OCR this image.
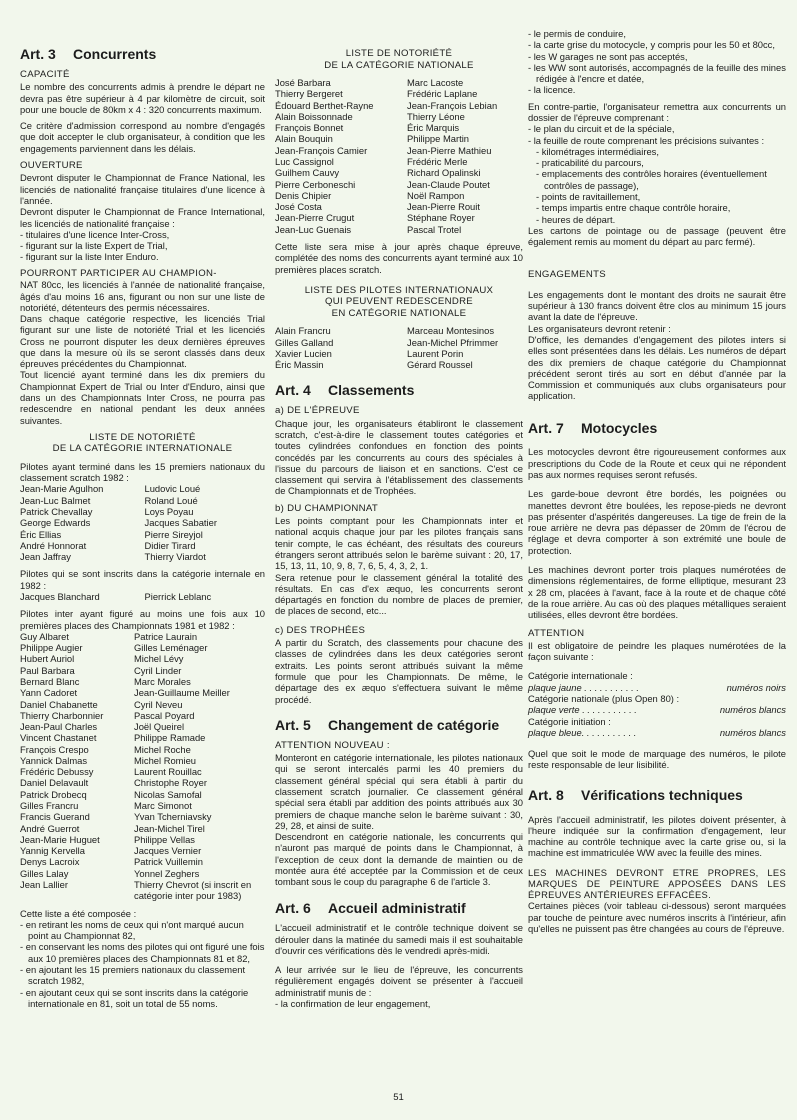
Art. 3	Concurrents
CAPACITÉ

Le nombre des concurrents admis à prendre le départ ne devra pas être supérieur à 4 par kilomètre de circuit, soit pour une boucle de 80km x 4 : 320 concurrents maximum.

Ce critère d'admission correspond au nombre d'engagés que doit accepter le club organisateur, à condition que les engagements parviennent dans les délais.

OUVERTURE

Devront disputer le Championnat de France National, les licenciés de nationalité française titulaires d'une licence à l'année.

Devront disputer le Championnat de France International, les licenciés de nationalité française :

- titulaires d'une licence Inter-Cross,
- figurant sur la liste Expert de Trial,
- figurant sur la liste Inter Enduro.
POURRONT PARTICIPER AU CHAMPION-

NAT 80cc, les licenciés à l'année de nationalité française, âgés d'au moins 16 ans, figurant ou non sur une liste de notoriété, détenteurs des permis nécessaires.

Dans chaque catégorie respective, les licenciés Trial figurant sur une liste de notoriété Trial et les licenciés Cross ne pourront disputer les deux dernières épreuves que dans la mesure où ils se seront classés dans deux épreuves précédentes du Championnat.

Tout licencié ayant terminé dans les dix premiers du Championnat Expert de Trial ou Inter d'Enduro, ainsi que dans un des Championnats Inter Cross, ne pourra pas redescendre en national pendant les deux années suivantes.

LISTE DE NOTORIÉTÉ
DE LA CATÉGORIE INTERNATIONALE

Pilotes ayant terminé dans les 15 premiers nationaux du classement scratch 1982 :

Jean-Marie Agulhon	Ludovic Loué
Jean-Luc Balmet	Roland Loué
Patrick Chevallay	Loys Poyau
George Edwards	Jacques Sabatier
Éric Ellias	Pierre Sireyjol
André Honnorat	Didier Tirard
Jean Jaffray	Thierry Viardot

Pilotes qui se sont inscrits dans la catégorie internale en 1982 :

Jacques Blanchard	Pierrick Leblanc

Pilotes inter ayant figuré au moins une fois aux 10 premières places des Championnats 1981 et 1982 :

Guy Albaret	Patrice Laurain
Philippe Augier	Gilles Leménager
Hubert Auriol	Michel Lévy
Paul Barbara	Cyril Linder
Bernard Blanc	Marc Morales
Yann Cadoret	Jean-Guillaume Meiller
Daniel Chabanette	Cyril Neveu
Thierry Charbonnier	Pascal Poyard
Jean-Paul Charles	Joël Queirel
Vincent Chastanet	Philippe Ramade
François Crespo	Michel Roche
Yannick Dalmas	Michel Romieu
Frédéric Debussy	Laurent Rouillac
Daniel Delavault	Christophe Royer
Patrick Drobecq	Nicolas Samofal
Gilles Francru	Marc Simonot
Francis Guerand	Yvan Tcherniavsky
André Guerrot	Jean-Michel Tirel
Jean-Marie Huguet	Philippe Vellas
Yannig Kervella	Jacques Vernier
Denys Lacroix	Patrick Vuillemin
Gilles Lalay	Yonnel Zeghers
Jean Lallier	Thierry Chevrot (si inscrit en catégorie inter pour 1983)
Cette liste a été composée :
- en retirant les noms de ceux qui n'ont marqué aucun point au Championnat 82,
- en conservant les noms des pilotes qui ont figuré une fois aux 10 premières places des Championnats 81 et 82,
- en ajoutant les 15 premiers nationaux du classement scratch 1982,
- en ajoutant ceux qui se sont inscrits dans la catégorie internationale en 81, soit un total de 55 noms.
LISTE DE NOTORIÉTÉ
DE LA CATÉGORIE NATIONALE
José Barbara	Marc Lacoste
Thierry Bergeret	Frédéric Laplane
Édouard Berthet-Rayne	Jean-François Lebian
Alain Boissonnade	Thierry Léone
François Bonnet	Éric Marquis
Alain Bouquin	Philippe Martin
Jean-François Camier	Jean-Pierre Mathieu
Luc Cassignol	Frédéric Merle
Guilhem Cauvy	Richard Opalinski
Pierre Cerboneschi	Jean-Claude Poutet
Denis Chipier	Noël Rampon
José Costa	Jean-Pierre Rouit
Jean-Pierre Crugut	Stéphane Royer
Jean-Luc Guenais	Pascal Trotel

Cette liste sera mise à jour après chaque épreuve, complétée des noms des concurrents ayant terminé aux 10 premières places scratch.

LISTE DES PILOTES INTERNATIONAUX
QUI PEUVENT REDESCENDRE
EN CATÉGORIE NATIONALE
Alain Francru	Marceau Montesinos
Gilles Galland	Jean-Michel Pfrimmer
Xavier Lucien	Laurent Porin
Éric Massin	Gérard Roussel
Art. 4	Classements
a) DE L'ÉPREUVE

Chaque jour, les organisateurs établiront le classement scratch, c'est-à-dire le classement toutes catégories et toutes cylindrées confondues en fonction des points concédés par les concurrents au cours des spéciales à l'issue du parcours de liaison et en sanctions. C'est ce classement qui servira à l'établissement des classements de Championnats et de Trophées.

b) DU CHAMPIONNAT

Les points comptant pour les Championnats inter et national acquis chaque jour par les pilotes français sans tenir compte, le cas échéant, des résultats des coureurs étrangers seront attribués selon le barème suivant : 20, 17, 15, 13, 11, 10, 9, 8, 7, 6, 5, 4, 3, 2, 1.

Sera retenue pour le classement général la totalité des résultats. En cas d'ex æquo, les concurrents seront départagés en fonction du nombre de places de premier, de places de second, etc...

c) DES TROPHÉES

A partir du Scratch, des classements pour chacune des classes de cylindrées dans les deux catégories seront extraits. Les points seront attribués suivant la même formule que pour les Championnats. De même, le départage des ex æquo s'effectuera suivant le même procédé.

Art. 5	Changement de catégorie
ATTENTION NOUVEAU :

Monteront en catégorie internationale, les pilotes nationaux qui se seront intercalés parmi les 40 premiers du classement général spécial qui sera établi à partir du classement scratch journalier. Ce classement général spécial sera établi par addition des points attribués aux 30 premiers de chaque manche selon le barème suivant : 30, 29, 28, et ainsi de suite.

Descendront en catégorie nationale, les concurrents qui n'auront pas marqué de points dans le Championnat, à l'exception de ceux dont la demande de maintien ou de montée aura été acceptée par la Commission et de ceux tombant sous le coup du paragraphe 6 de l'article 3.

Art. 6	Accueil administratif

L'accueil administratif et le contrôle technique doivent se dérouler dans la matinée du samedi mais il est souhaitable d'ouvrir ces vérifications dès le vendredi après-midi.

A leur arrivée sur le lieu de l'épreuve, les concurrents régulièrement engagés doivent se présenter à l'accueil administratif munis de :

- la confirmation de leur engagement,
- le permis de conduire,
- la carte grise du motocycle, y compris pour les 50 et 80cc,
- les W garages ne sont pas acceptés,
- les WW sont autorisés, accompagnés de la feuille des mines rédigée à l'encre et datée,
- la licence.

En contre-partie, l'organisateur remettra aux concurrents un dossier de l'épreuve comprenant :

- le plan du circuit et de la spéciale,
- la feuille de route comprenant les précisions suivantes :
- kilométrages intermédiaires,
- praticabilité du parcours,
- emplacements des contrôles horaires (éventuellement contrôles de passage),
- points de ravitaillement,
- temps impartis entre chaque contrôle horaire,
- heures de départ.

Les cartons de pointage ou de passage (peuvent être également remis au moment du départ au parc fermé).

ENGAGEMENTS

Les engagements dont le montant des droits ne saurait être supérieur à 130 francs doivent être clos au minimum 15 jours avant la date de l'épreuve.

Les organisateurs devront retenir :

D'office, les demandes d'engagement des pilotes inters si elles sont présentées dans les délais. Les numéros de départ des dix premiers de chaque catégorie du Championnat précédent seront tirés au sort en début d'année par la Commission et communiqués aux clubs organisateurs pour application.

Art. 7	Motocycles

Les motocycles devront être rigoureusement conformes aux prescriptions du Code de la Route et ceux qui ne répondent pas aux normes requises seront refusés.

Les garde-boue devront être bordés, les poignées ou manettes devront être boulées, les repose-pieds ne devront pas présenter d'aspérités dangereuses. La tige de frein de la roue arrière ne devra pas dépasser de 20mm de l'écrou de réglage et devra comporter à son extrémité une boule de protection.

Les machines devront porter trois plaques numérotées de dimensions réglementaires, de forme elliptique, mesurant 23 x 28 cm, placées à l'avant, face à la route et de chaque côté de la roue arrière. Au cas où des plaques métalliques seraient utilisées, elles devront être bordées.

ATTENTION

Il est obligatoire de peindre les plaques numérotées de la façon suivante :

Catégorie internationale :
plaque jaune . . . . . . . . . . .	numéros noirs
Catégorie nationale (plus Open 80) :
plaque verte . . . . . . . . . . .	numéros blancs
Catégorie initiation :
plaque bleue. . . . . . . . . . .	numéros blancs

Quel que soit le mode de marquage des numéros, le pilote reste responsable de leur lisibilité.

Art. 8	Vérifications techniques

Après l'accueil administratif, les pilotes doivent présenter, à l'heure indiquée sur la confirmation d'engagement, leur machine au contrôle technique avec la carte grise ou, si la machine est immatriculée WW avec la feuille des mines.

LES MACHINES DEVRONT ETRE PROPRES, LES MARQUES DE PEINTURE APPOSÉES DANS LES ÉPREUVES ANTÉRIEURES EFFACÉES.

Certaines pièces (voir tableau ci-dessous) seront marquées par touche de peinture avec numéros inscrits à l'intérieur, afin qu'elles ne puissent pas être changées au cours de l'épreuve.

51
